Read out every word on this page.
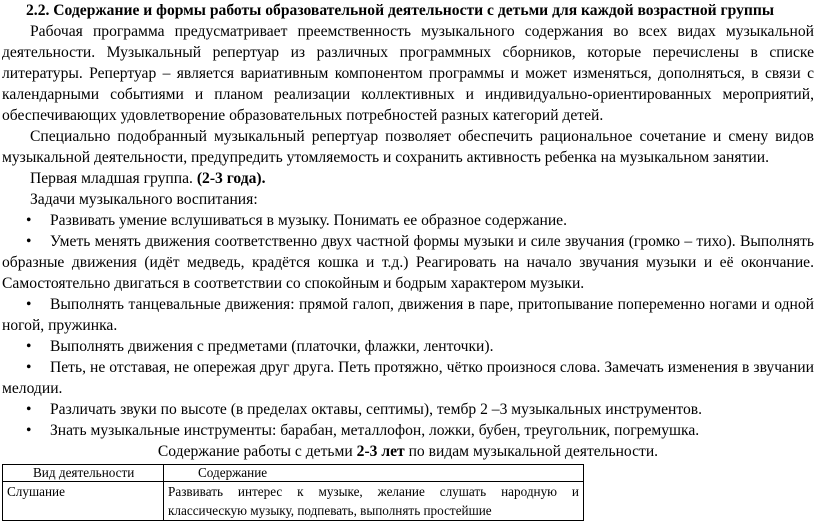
2.2. Содержание и формы работы образовательной деятельности с детьми для каждой возрастной группы

Рабочая программа предусматривает преемственность музыкального содержания во всех видах музыкальной деятельности. Музыкальный репертуар из различных программных сборников, которые перечислены в списке литературы. Репертуар – является вариативным компонентом программы и может изменяться, дополняться, в связи с календарными событиями и планом реализации коллективных и индивидуально-ориентированных мероприятий, обеспечивающих удовлетворение образовательных потребностей разных категорий детей.

Специально подобранный музыкальный репертуар позволяет обеспечить рациональное сочетание и смену видов музыкальной деятельности, предупредить утомляемость и сохранить активность ребенка на музыкальном занятии.

Первая младшая группа. (2-3 года).

Задачи музыкального воспитания:

• Развивать умение вслушиваться в музыку. Понимать ее образное содержание.

• Уметь менять движения соответственно двух частной формы музыки и силе звучания (громко – тихо). Выполнять образные движения (идёт медведь, крадётся кошка и т.д.) Реагировать на начало звучания музыки и её окончание. Самостоятельно двигаться в соответствии со спокойным и бодрым характером музыки.

• Выполнять танцевальные движения: прямой галоп, движения в паре, притопывание попеременно ногами и одной ногой, пружинка.

• Выполнять движения с предметами (платочки, флажки, ленточки).

• Петь, не отставая, не опережая друг друга. Петь протяжно, чётко произнося слова. Замечать изменения в звучании мелодии.

• Различать звуки по высоте (в пределах октавы, септимы), тембр 2 –3 музыкальных инструментов.

• Знать музыкальные инструменты: барабан, металлофон, ложки, бубен, треугольник, погремушка.

Содержание работы с детьми 2-3 лет по видам музыкальной деятельности.
Вид деятельности	Содержание
Слушание	Развивать интерес к музыке, желание слушать народную и классическую музыку, подпевать, выполнять простейшие
